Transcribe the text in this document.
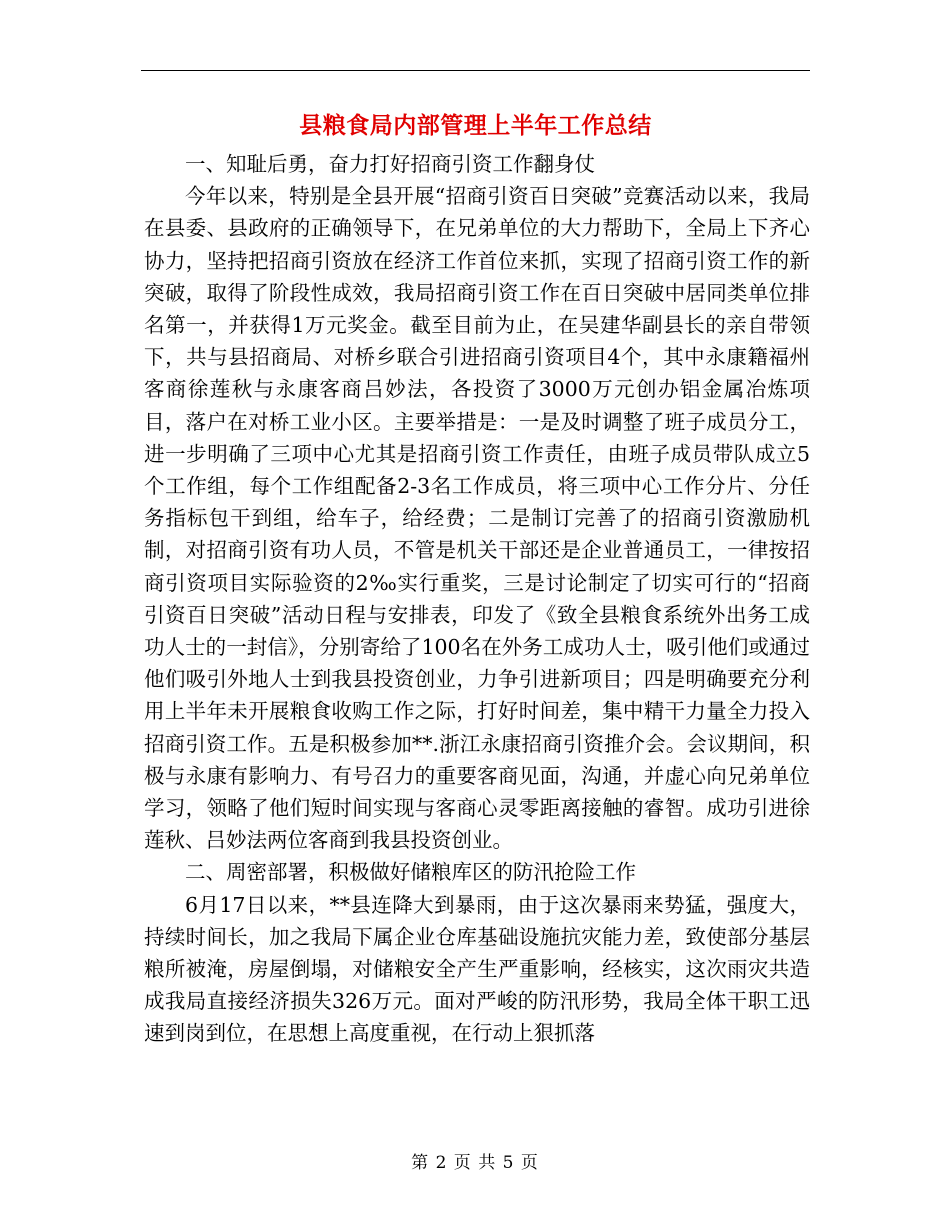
县粮食局内部管理上半年工作总结

一、知耻后勇，奋力打好招商引资工作翻身仗

今年以来，特别是全县开展“招商引资百日突破”竞赛活动以来，我局在县委、县政府的正确领导下，在兄弟单位的大力帮助下，全局上下齐心协力，坚持把招商引资放在经济工作首位来抓，实现了招商引资工作的新突破，取得了阶段性成效，我局招商引资工作在百日突破中居同类单位排名第一，并获得1万元奖金。截至目前为止，在吴建华副县长的亲自带领下，共与县招商局、对桥乡联合引进招商引资项目4个，其中永康籍福州客商徐莲秋与永康客商吕妙法，各投资了3000万元创办铝金属冶炼项目，落户在对桥工业小区。主要举措是：一是及时调整了班子成员分工，进一步明确了三项中心尤其是招商引资工作责任，由班子成员带队成立5个工作组，每个工作组配备2-3名工作成员，将三项中心工作分片、分任务指标包干到组，给车子，给经费；二是制订完善了的招商引资激励机制，对招商引资有功人员，不管是机关干部还是企业普通员工，一律按招商引资项目实际验资的2‰实行重奖，三是讨论制定了切实可行的“招商引资百日突破”活动日程与安排表，印发了《致全县粮食系统外出务工成功人士的一封信》，分别寄给了100名在外务工成功人士，吸引他们或通过他们吸引外地人士到我县投资创业，力争引进新项目；四是明确要充分利用上半年未开展粮食收购工作之际，打好时间差，集中精干力量全力投入招商引资工作。五是积极参加**.浙江永康招商引资推介会。会议期间，积极与永康有影响力、有号召力的重要客商见面，沟通，并虚心向兄弟单位学习，领略了他们短时间实现与客商心灵零距离接触的睿智。成功引进徐莲秋、吕妙法两位客商到我县投资创业。

二、周密部署，积极做好储粮库区的防汛抢险工作

6月17日以来，**县连降大到暴雨，由于这次暴雨来势猛，强度大，持续时间长，加之我局下属企业仓库基础设施抗灾能力差，致使部分基层粮所被淹，房屋倒塌，对储粮安全产生严重影响，经核实，这次雨灾共造成我局直接经济损失326万元。面对严峻的防汛形势，我局全体干职工迅速到岗到位，在思想上高度重视，在行动上狠抓落

第 2 页 共 5 页
